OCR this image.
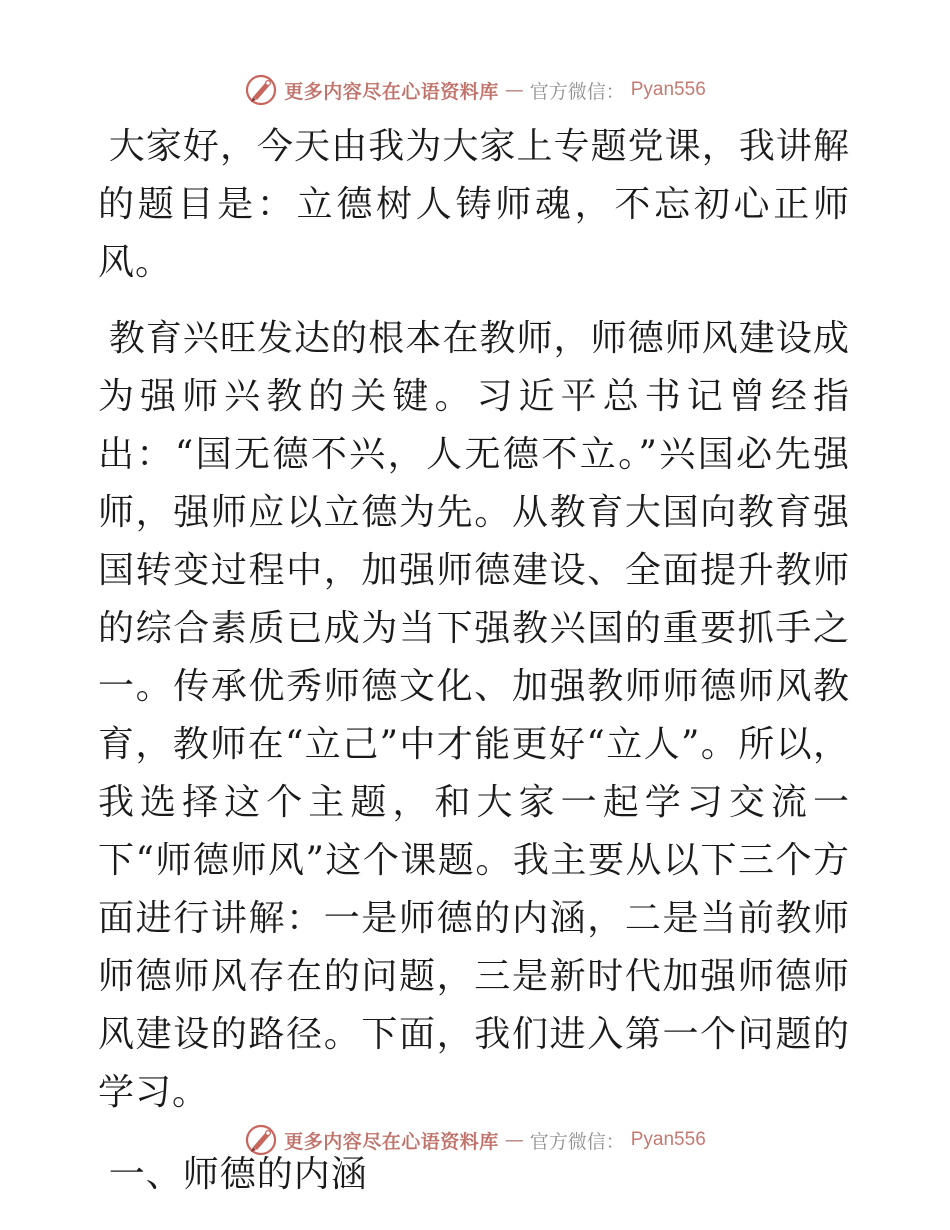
更多内容尽在心语资料库 — 官方微信： Pyan556

大家好，今天由我为大家上专题党课，我讲解的题目是：立德树人铸师魂，不忘初心正师风。

教育兴旺发达的根本在教师，师德师风建设成为强师兴教的关键。习近平总书记曾经指出：“国无德不兴，人无德不立。”兴国必先强师，强师应以立德为先。从教育大国向教育强国转变过程中，加强师德建设、全面提升教师的综合素质已成为当下强教兴国的重要抓手之一。传承优秀师德文化、加强教师师德师风教育，教师在“立己”中才能更好“立人”。所以，我选择这个主题，和大家一起学习交流一下“师德师风”这个课题。我主要从以下三个方面进行讲解：一是师德的内涵，二是当前教师师德师风存在的问题，三是新时代加强师德师风建设的路径。下面，我们进入第一个问题的学习。

一、师德的内涵

更多内容尽在心语资料库 — 官方微信： Pyan556
